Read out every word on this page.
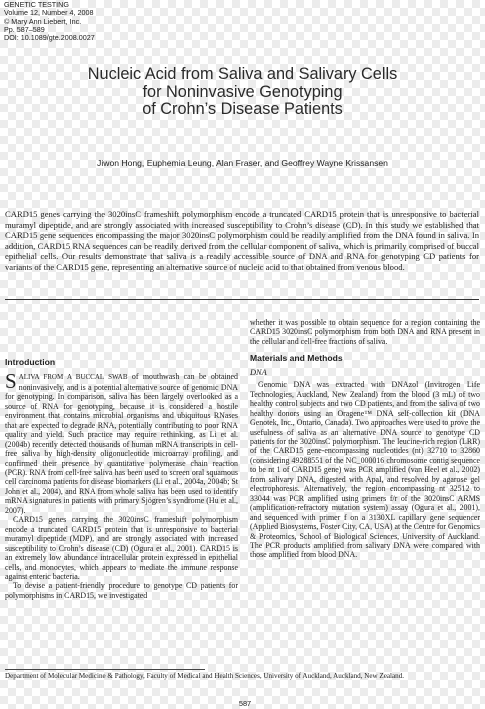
GENETIC TESTING
Volume 12, Number 4, 2008
© Mary Ann Liebert, Inc.
Pp. 587–589
DOI: 10.1089/gte.2008.0027
Nucleic Acid from Saliva and Salivary Cells
for Noninvasive Genotyping
of Crohn’s Disease Patients
Jiwon Hong, Euphemia Leung, Alan Fraser, and Geoffrey Wayne Krissansen
CARD15 genes carrying the 3020insC frameshift polymorphism encode a truncated CARD15 protein that is unresponsive to bacterial muramyl dipeptide, and are strongly associated with increased susceptibility to Crohn’s disease (CD). In this study we established that CARD15 gene sequences encompassing the major 3020insC polymorphism could be readily amplified from the DNA found in saliva. In addition, CARD15 RNA sequences can be readily derived from the cellular component of saliva, which is primarily comprised of buccal epithelial cells. Our results demonstrate that saliva is a readily accessible source of DNA and RNA for genotyping CD patients for variants of the CARD15 gene, representing an alternative source of nucleic acid to that obtained from venous blood.
Introduction

SALIVA FROM A BUCCAL SWAB of mouthwash can be obtained noninvasively, and is a potential alternative source of genomic DNA for genotyping. In comparison, saliva has been largely overlooked as a source of RNA for genotyping, because it is considered a hostile environment that contains microbial organisms and ubiquitous RNases that are expected to degrade RNA, potentially contributing to poor RNA quality and yield. Such practice may require rethinking, as Li et al. (2004b) recently detected thousands of human mRNA transcripts in cell-free saliva by high-density oligonucleotide microarray profiling, and confirmed their presence by quantitative polymerase chain reaction (PCR). RNA from cell-free saliva has been used to screen oral squamous cell carcinoma patients for disease biomarkers (Li et al., 2004a, 2004b; St John et al., 2004), and RNA from whole saliva has been used to identify mRNA signatures in patients with primary Sjögren’s syndrome (Hu et al., 2007).

CARD15 genes carrying the 3020insC frameshift polymorphism encode a truncated CARD15 protein that is unresponsive to bacterial muramyl dipeptide (MDP), and are strongly associated with increased susceptibility to Crohn’s disease (CD) (Ogura et al., 2001). CARD15 is an extremely low abundance intracellular protein expressed in epithelial cells, and monocytes, which appears to mediate the immune response against enteric bacteria.

To devise a patient-friendly procedure to genotype CD patients for polymorphisms in CARD15, we investigated

whether it was possible to obtain sequence for a region containing the CARD15 3020insC polymorphism from both DNA and RNA present in the cellular and cell-free fractions of saliva.

Materials and Methods
DNA

Genomic DNA was extracted with DNAzol (Invitrogen Life Technologies, Auckland, New Zealand) from the blood (3 mL) of two healthy control subjects and two CD patients, and from the saliva of two healthy donors using an Oragene™ DNA self-collection kit (DNA Genotek, Inc., Ontario, Canada). Two approaches were used to prove the usefulness of saliva as an alternative DNA source to genotype CD patients for the 3020insC polymorphism. The leucine-rich region (LRR) of the CARD15 gene-encompassing nucleotides (nt) 32710 to 32860 (considering 49288551 of the NC_000016 chromosome contig sequence to be nt 1 of CARD15 gene) was PCR amplified (van Heel et al., 2002) from salivary DNA, digested with ApaI, and resolved by agarose gel electrophoresis. Alternatively, the region encompassing nt 32512 to 33044 was PCR amplified using primers f/r of the 3020insC ARMS (amplification-refractory mutation system) assay (Ogura et al., 2001), and sequenced with primer f on a 3130XL capillary gene sequencer (Applied Biosystems, Foster City, CA, USA) at the Centre for Genomics & Proteomics, School of Biological Sciences, University of Auckland. The PCR products amplified from salivary DNA were compared with those amplified from blood DNA.

Department of Molecular Medicine & Pathology, Faculty of Medical and Health Sciences, University of Auckland, Auckland, New Zealand.
587
